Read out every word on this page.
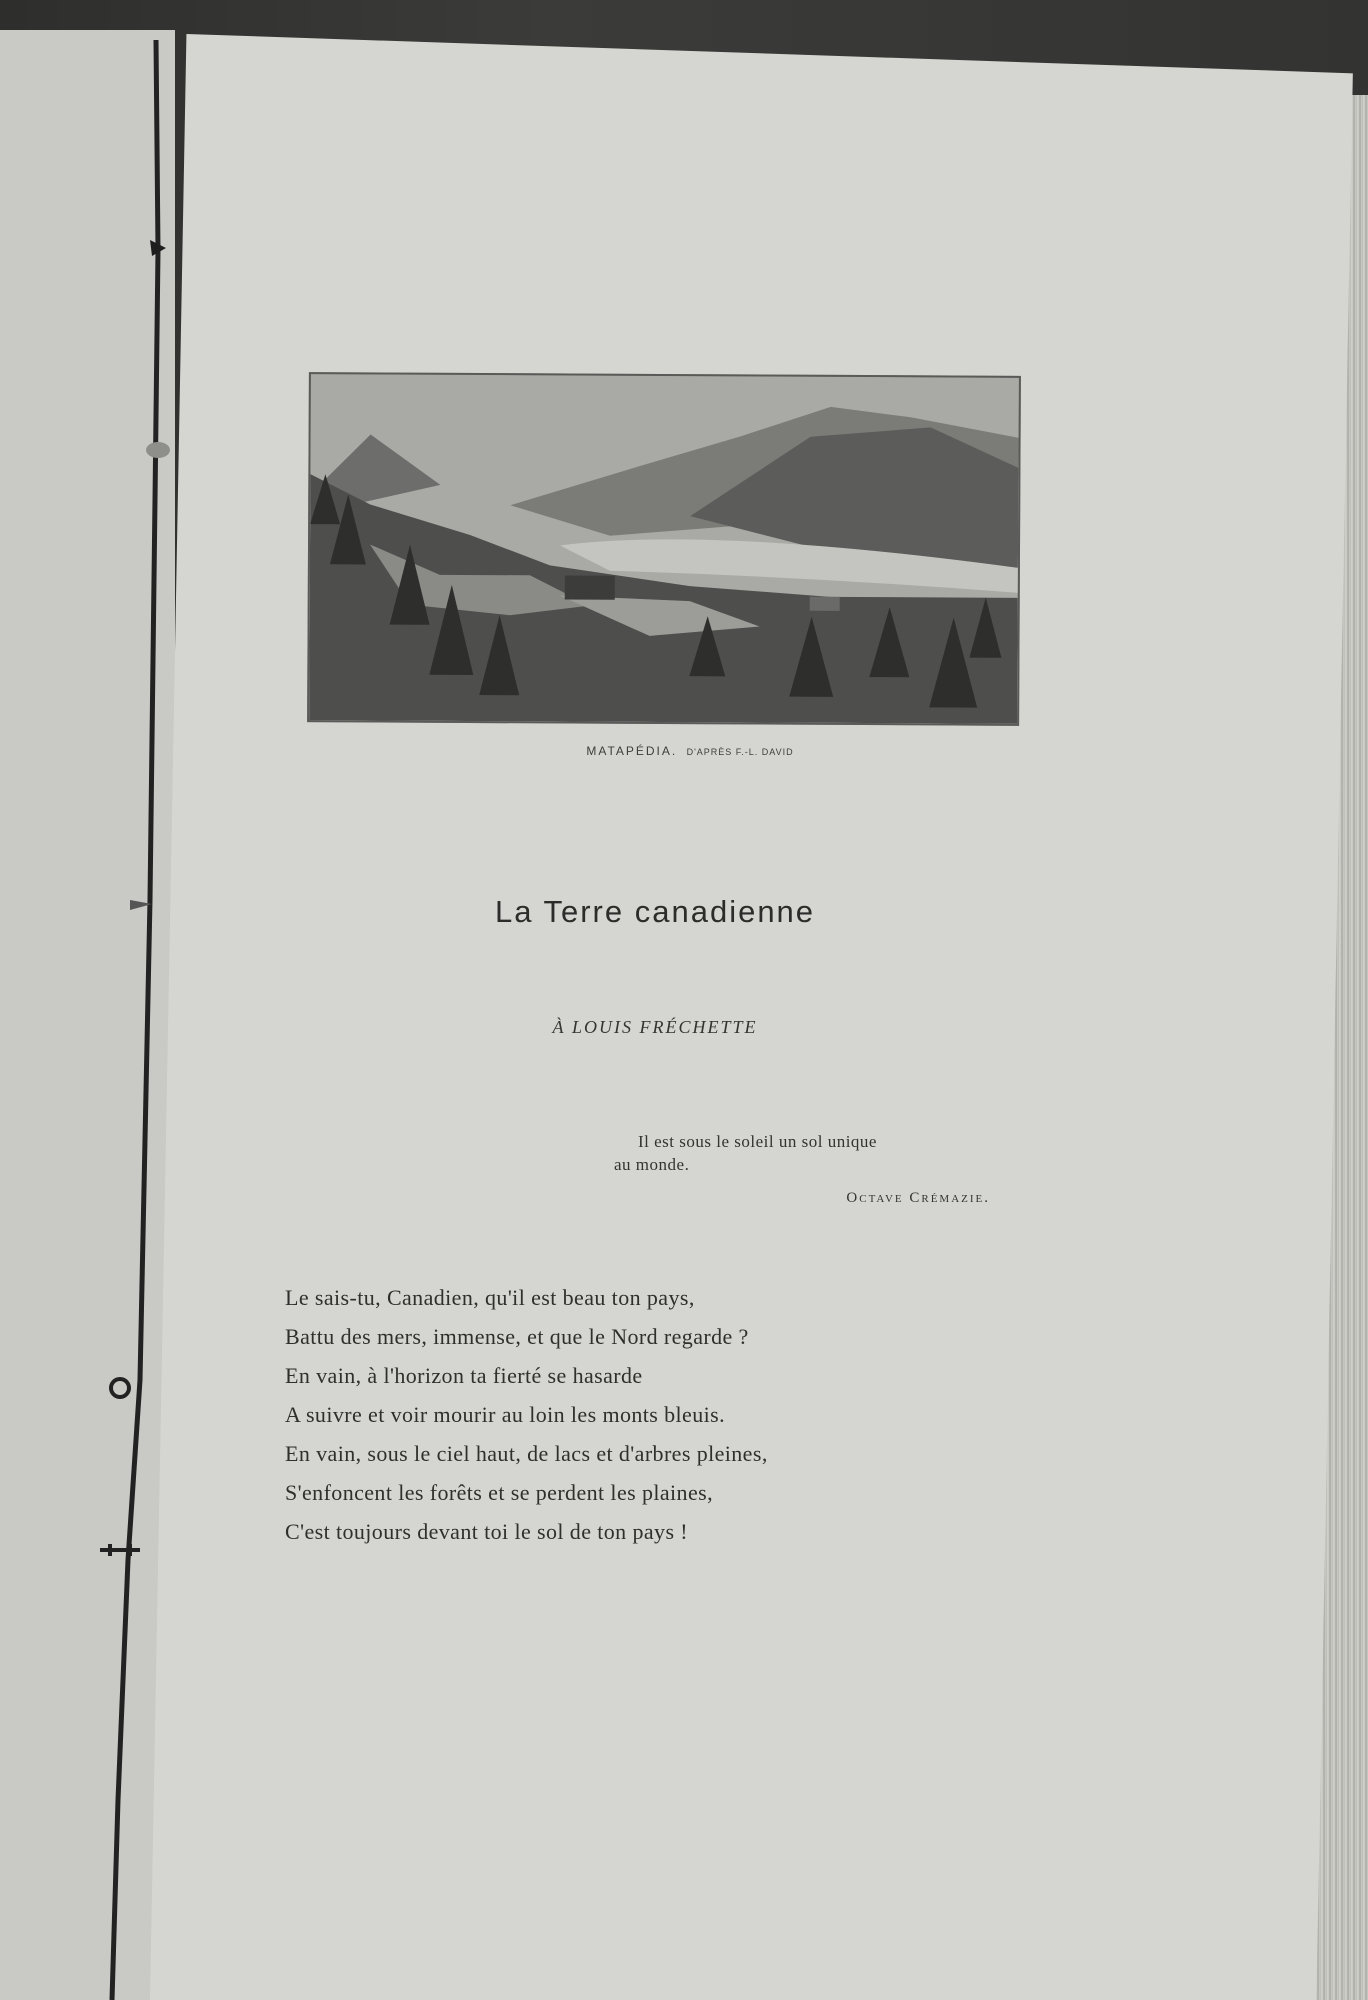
MATAPÉDIA. D'APRÈS F.-L. DAVID
La Terre canadienne
À LOUIS FRÉCHETTE
Il est sous le soleil un sol unique
au monde.
Octave Crémazie.
Le sais-tu, Canadien, qu'il est beau ton pays,
Battu des mers, immense, et que le Nord regarde ?
En vain, à l'horizon ta fierté se hasarde
A suivre et voir mourir au loin les monts bleuis.
En vain, sous le ciel haut, de lacs et d'arbres pleines,
S'enfoncent les forêts et se perdent les plaines,
C'est toujours devant toi le sol de ton pays !
